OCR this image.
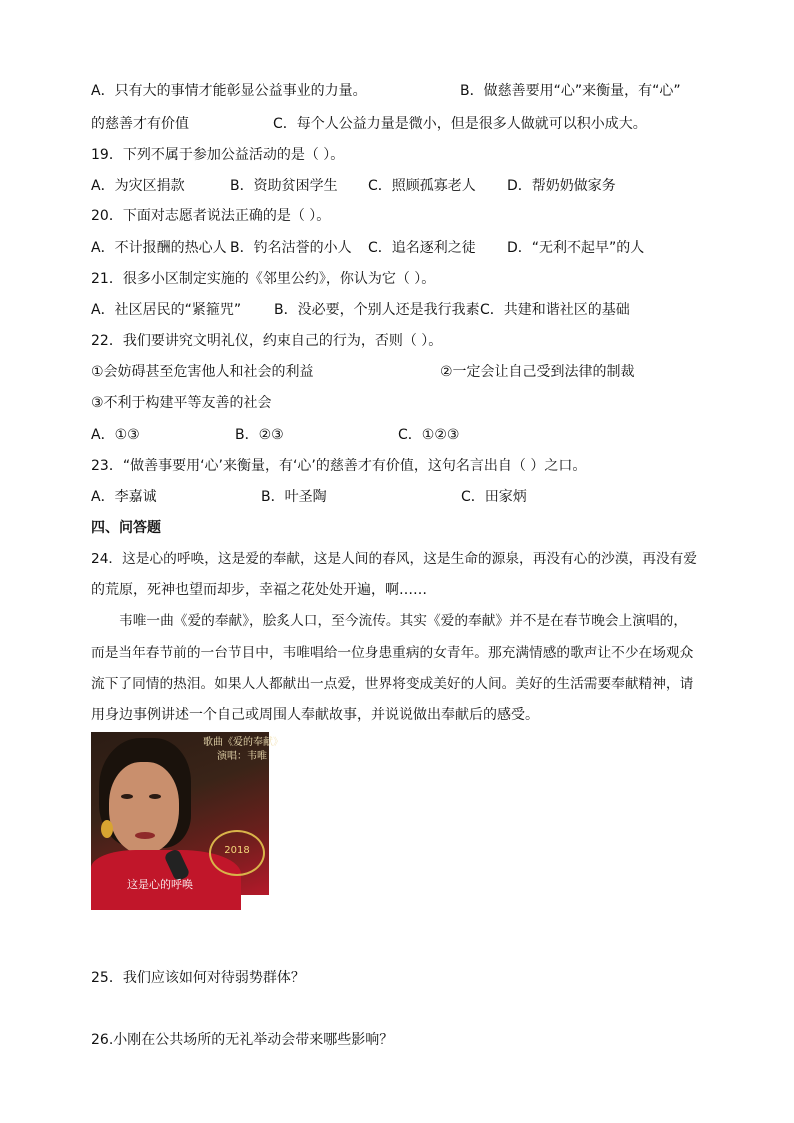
A．只有大的事情才能彰显公益事业的力量。	B．做慈善要用“心”来衡量，有“心”

的慈善才有价值	C．每个人公益力量是微小，但是很多人做就可以积小成大。

19．下列不属于参加公益活动的是（ ）。

A．为灾区捐款	B．资助贫困学生 C．照顾孤寡老人 D．帮奶奶做家务

20．下面对志愿者说法正确的是（ ）。

A．不计报酬的热心人 B．钓名沽誉的小人 C．追名逐利之徒 D．“无利不起早”的人

21．很多小区制定实施的《邻里公约》，你认为它（ ）。

A．社区居民的“紧箍咒” B．没必要，个别人还是我行我素 C．共建和谐社区的基础

22．我们要讲究文明礼仪，约束自己的行为，否则（ ）。

①会妨碍甚至危害他人和社会的利益	②一定会让自己受到法律的制裁

③不利于构建平等友善的社会

A．①③	B．②③	C．①②③

23．“做善事要用‘心’来衡量，有‘心’的慈善才有价值，这句名言出自（ ）之口。

A．李嘉诚	B．叶圣陶	C．田家炳

四、问答题

24．这是心的呼唤，这是爱的奉献，这是人间的春风，这是生命的源泉，再没有心的沙漠，再没有爱

的荒原，死神也望而却步，幸福之花处处开遍，啊……

韦唯一曲《爱的奉献》，脍炙人口，至今流传。其实《爱的奉献》并不是在春节晚会上演唱的，

而是当年春节前的一台节目中，韦唯唱给一位身患重病的女青年。那充满情感的歌声让不少在场观众

流下了同情的热泪。如果人人都献出一点爱，世界将变成美好的人间。美好的生活需要奉献精神，请

用身边事例讲述一个自己或周围人奉献故事，并说说做出奉献后的感受。

歌曲《爱的奉献》
演唱：韦唯
2018
这是心的呼唤

25．我们应该如何对待弱势群体？

26.小刚在公共场所的无礼举动会带来哪些影响？
